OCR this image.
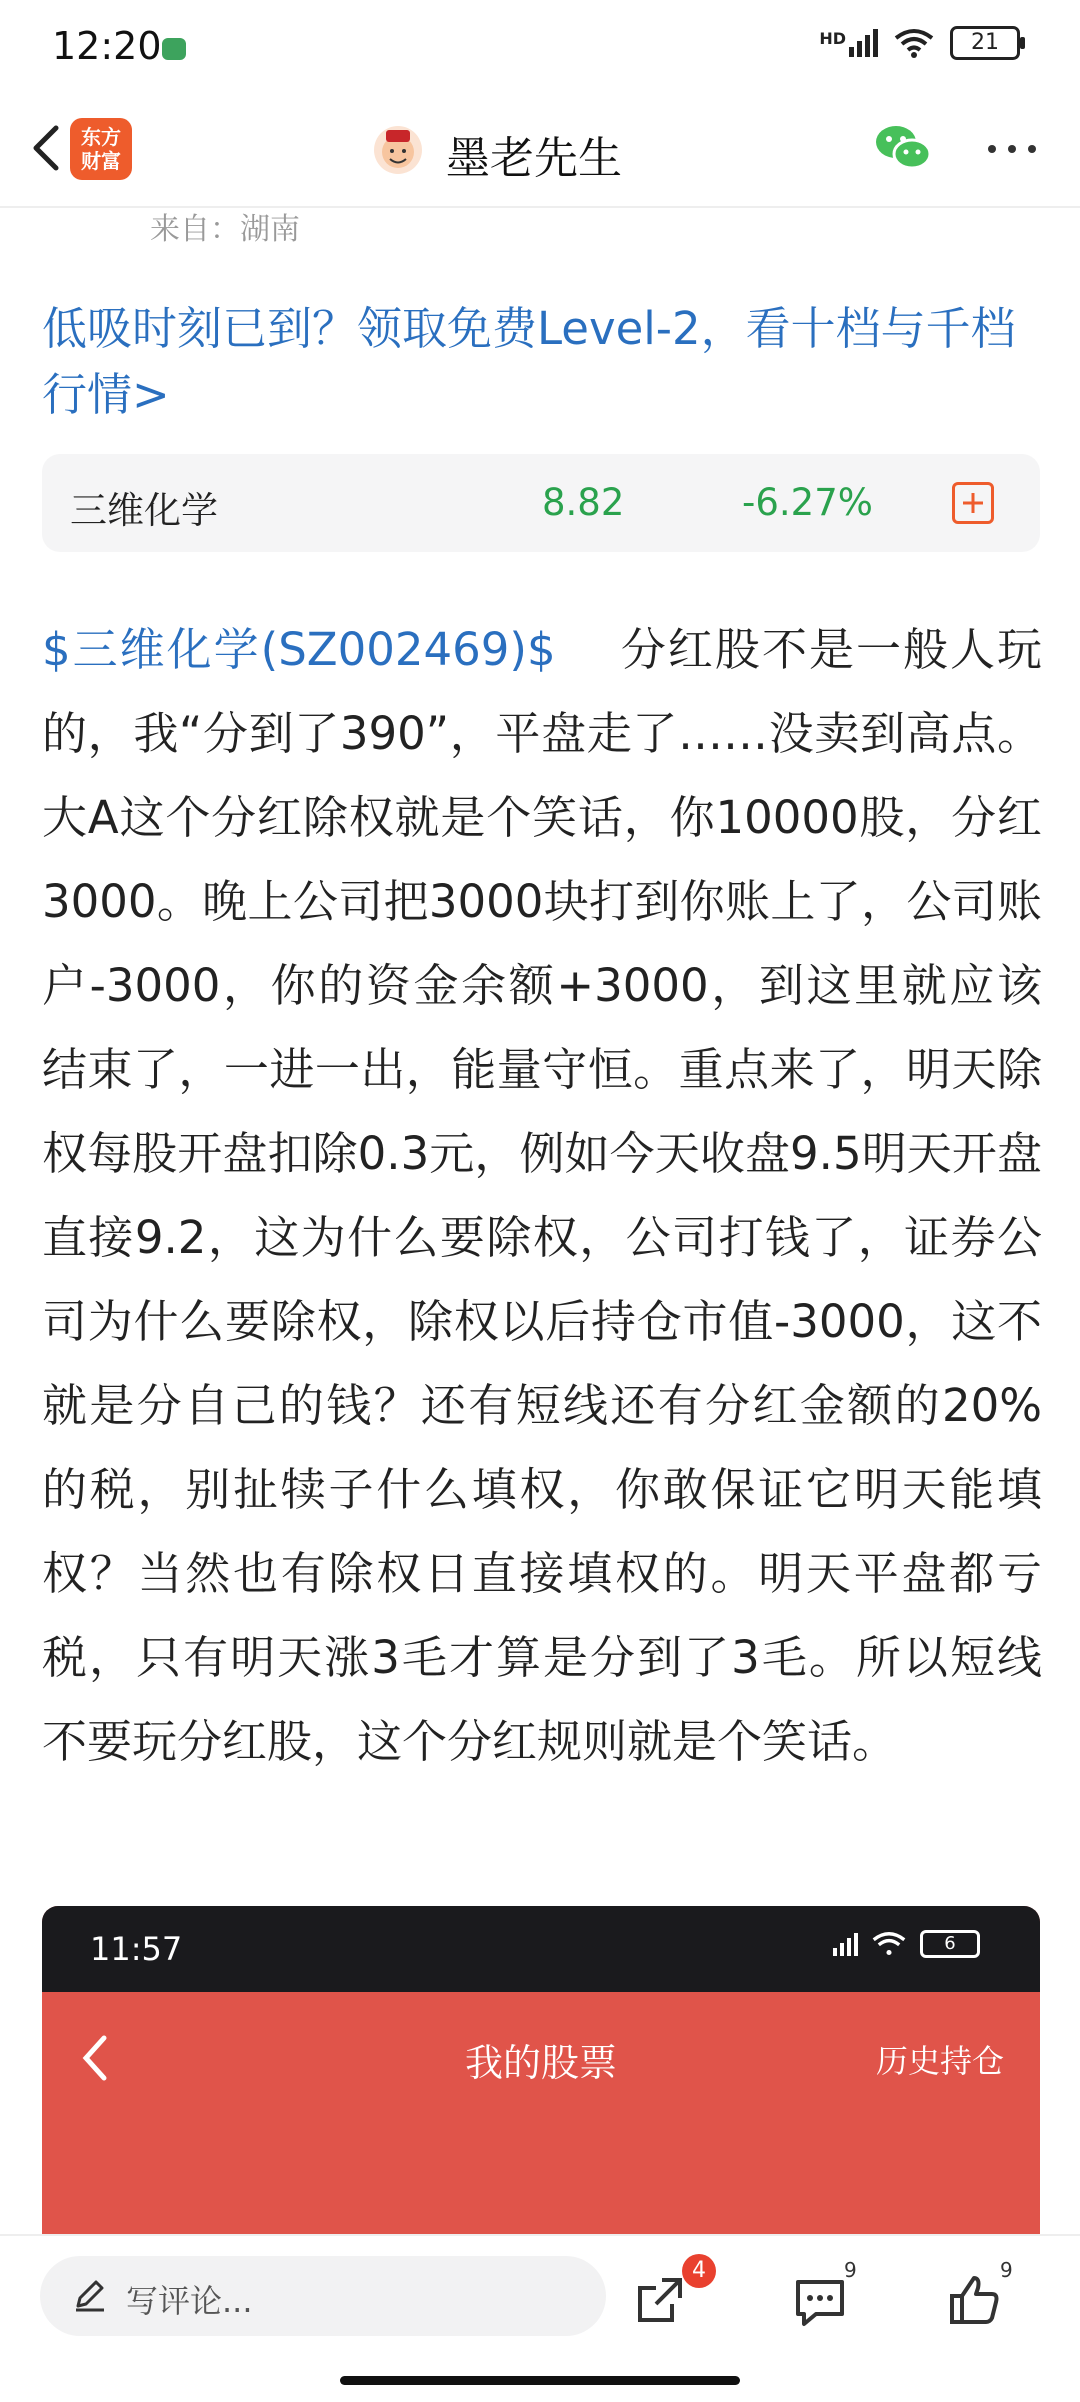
12:20	HD	21
东方
财富	墨老先生
来自：湖南
低吸时刻已到？领取免费Level-2，看十档与千档行情>
三维化学	8.82	-6.27%
$三维化学(SZ002469)$　 分红股不是一般人玩的，我“分到了390”，平盘走了……没卖到高点。大A这个分红除权就是个笑话，你10000股，分红3000。晚上公司把3000块打到你账上了，公司账户-3000，你的资金余额+3000，到这里就应该结束了，一进一出，能量守恒。重点来了，明天除权每股开盘扣除0.3元，例如今天收盘9.5明天开盘直接9.2，这为什么要除权，公司打钱了，证券公司为什么要除权，除权以后持仓市值-3000，这不就是分自己的钱？还有短线还有分红金额的20%的税，别扯犊子什么填权，你敢保证它明天能填权？当然也有除权日直接填权的。明天平盘都亏税，只有明天涨3毛才算是分到了3毛。所以短线不要玩分红股，这个分红规则就是个笑话。
11:57	6
我的股票	历史持仓
写评论...
4	9	9
